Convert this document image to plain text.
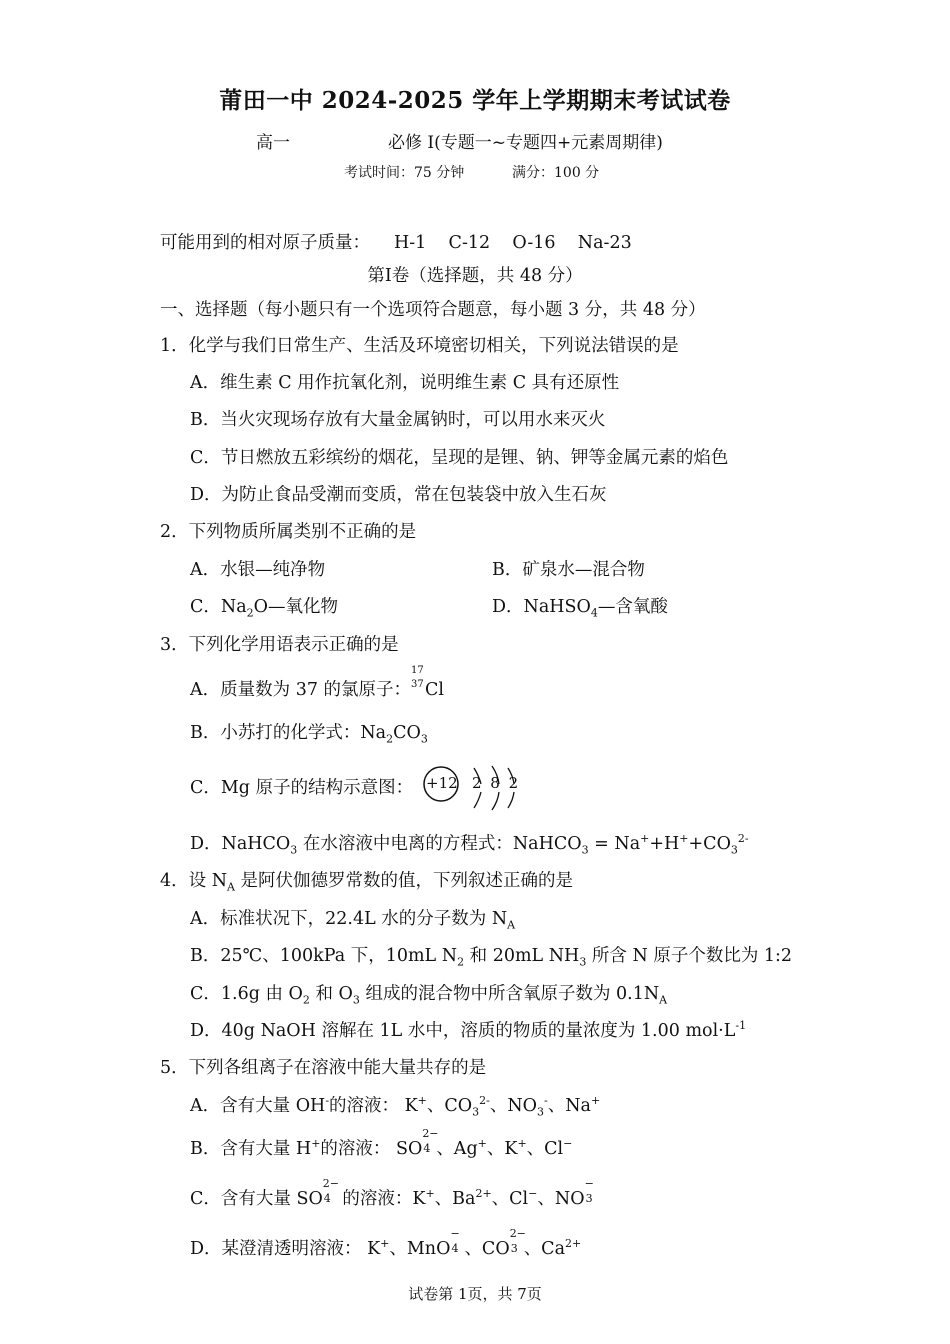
莆田一中 2024-2025 学年上学期期末考试试卷
高一	必修 Ⅰ(专题一~专题四+元素周期律)
考试时间：75 分钟	满分：100 分
可能用到的相对原子质量： H-1    C-12    O-16    Na-23
第Ⅰ卷（选择题，共 48 分）
一、选择题（每小题只有一个选项符合题意，每小题 3 分，共 48 分）
1．化学与我们日常生产、生活及环境密切相关，下列说法错误的是
A．维生素 C 用作抗氧化剂，说明维生素 C 具有还原性
B．当火灾现场存放有大量金属钠时，可以用水来灭火
C．节日燃放五彩缤纷的烟花，呈现的是锂、钠、钾等金属元素的焰色
D．为防止食品受潮而变质，常在包装袋中放入生石灰
2．下列物质所属类别不正确的是
A．水银—纯净物	B．矿泉水—混合物
C．$Na_2O—$氧化物	D．NaHSO$_4$—含氧酸
3．下列化学用语表示正确的是
A．质量数为 37 的氯原子：
17
37 Cl
B．小苏打的化学式：$Na_2CO_3$
C．Mg 原子的结构示意图： +12 2 8 2
D．NaHCO$_3$ 在水溶液中电离的方程式：NaHCO$_3$ = $Na^++H^++CO_3^{2-}$
4．设 $N_A$ 是阿伏伽德罗常数的值，下列叙述正确的是
A．标准状况下，22.4L 水的分子数为 $N_A$
B．25℃、100kPa 下，10mL $N_2$ 和 20mL $NH_3$ 所含 N 原子个数比为 1:2
C．1.6g 由 $O_2$ 和 $O_3$ 组成的混合物中所含氧原子数为 $0.1N_A$
D．40g NaOH 溶解在 1L 水中，溶质的物质的量浓度为 1.00 $mol\cdot L^{-1}$
5．下列各组离子在溶液中能大量共存的是
A．含有大量 OH-的溶液： K+、$CO_3^{2-}$、$NO_3^-$、Na+
B．含有大量 H+的溶液： SO
2−
4 、Ag+、K+、Cl−
C．含有大量 SO
2−
4 的溶液：K+、$Ba^{2+}$、Cl−、NO
−
3
D．某澄清透明溶液： K+、MnO
−
4 、CO
2−
3 、$Ca^{2+}$
试卷第 1页，共 7页
